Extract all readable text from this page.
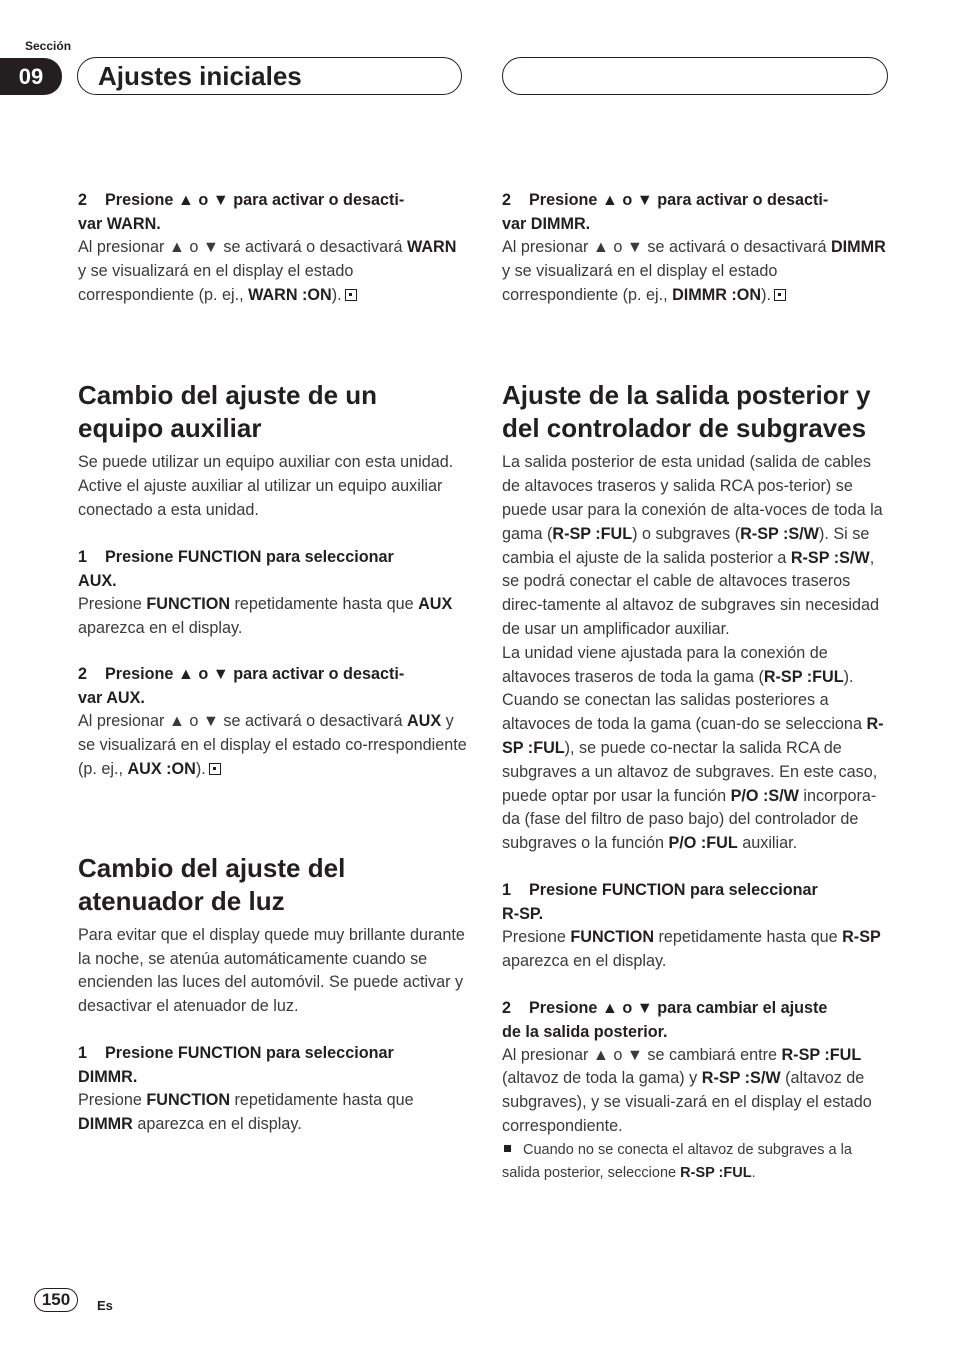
Sección
09	Ajustes iniciales

2    Presione ▲ o ▼ para activar o desacti-
var WARN.

Al presionar ▲ o ▼ se activará o desactivará WARN y se visualizará en el display el estado correspondiente (p. ej., WARN :ON).

Cambio del ajuste de un
equipo auxiliar

Se puede utilizar un equipo auxiliar con esta unidad. Active el ajuste auxiliar al utilizar un equipo auxiliar conectado a esta unidad.

1    Presione FUNCTION para seleccionar
AUX.

Presione FUNCTION repetidamente hasta que AUX aparezca en el display.

2    Presione ▲ o ▼ para activar o desacti-
var AUX.

Al presionar ▲ o ▼ se activará o desactivará AUX y se visualizará en el display el estado co-rrespondiente (p. ej., AUX :ON).

Cambio del ajuste del
atenuador de luz

Para evitar que el display quede muy brillante durante la noche, se atenúa automáticamente cuando se encienden las luces del automóvil. Se puede activar y desactivar el atenuador de luz.

1    Presione FUNCTION para seleccionar
DIMMR.

Presione FUNCTION repetidamente hasta que DIMMR aparezca en el display.

2    Presione ▲ o ▼ para activar o desacti-
var DIMMR.

Al presionar ▲ o ▼ se activará o desactivará DIMMR y se visualizará en el display el estado correspondiente (p. ej., DIMMR :ON).

Ajuste de la salida posterior y
del controlador de subgraves

La salida posterior de esta unidad (salida de cables de altavoces traseros y salida RCA pos-terior) se puede usar para la conexión de alta-voces de toda la gama (R-SP :FUL) o subgraves (R-SP :S/W). Si se cambia el ajuste de la salida posterior a R-SP :S/W, se podrá conectar el cable de altavoces traseros direc-tamente al altavoz de subgraves sin necesidad de usar un amplificador auxiliar.

La unidad viene ajustada para la conexión de altavoces traseros de toda la gama (R-SP :FUL). Cuando se conectan las salidas posteriores a altavoces de toda la gama (cuan-do se selecciona R-SP :FUL), se puede co-nectar la salida RCA de subgraves a un altavoz de subgraves. En este caso, puede optar por usar la función P/O :S/W incorpora-da (fase del filtro de paso bajo) del controlador de subgraves o la función P/O :FUL auxiliar.

1    Presione FUNCTION para seleccionar
R-SP.

Presione FUNCTION repetidamente hasta que R-SP aparezca en el display.

2    Presione ▲ o ▼ para cambiar el ajuste
de la salida posterior.

Al presionar ▲ o ▼ se cambiará entre R-SP :FUL (altavoz de toda la gama) y R-SP :S/W (altavoz de subgraves), y se visuali-zará en el display el estado correspondiente.

Cuando no se conecta el altavoz de subgraves a la salida posterior, seleccione R-SP :FUL.

150	Es
